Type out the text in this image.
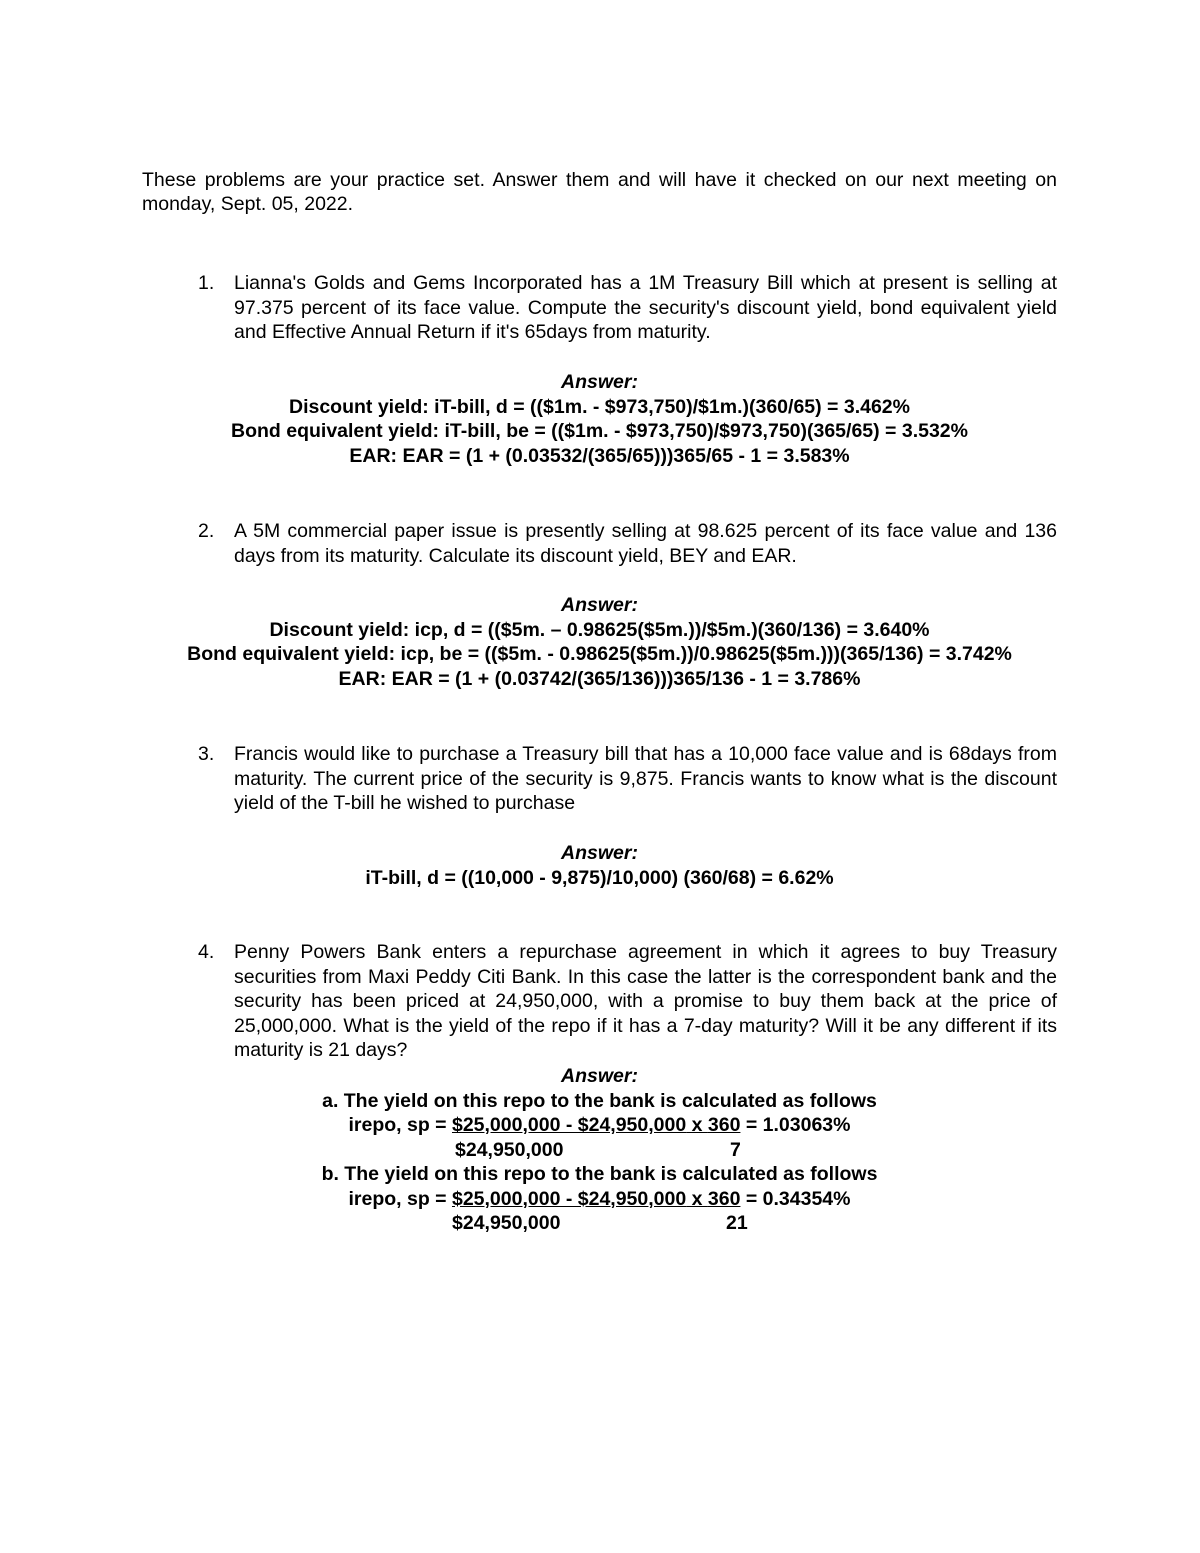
These problems are your practice set. Answer them and will have it checked on our next meeting on monday, Sept. 05, 2022.
1. Lianna's Golds and Gems Incorporated has a 1M Treasury Bill which at present is selling at 97.375 percent of its face value. Compute the security's discount yield, bond equivalent yield and Effective Annual Return if it's 65days from maturity.
Answer:
Discount yield: iT-bill, d = (($1m. - $973,750)/$1m.)(360/65) = 3.462%
Bond equivalent yield: iT-bill, be = (($1m. - $973,750)/$973,750)(365/65) = 3.532%
EAR: EAR = (1 + (0.03532/(365/65)))365/65 - 1 = 3.583%
2. A 5M commercial paper issue is presently selling at 98.625 percent of its face value and 136 days from its maturity. Calculate its discount yield, BEY and EAR.
Answer:
Discount yield: icp, d = (($5m. – 0.98625($5m.))/$5m.)(360/136) = 3.640%
Bond equivalent yield: icp, be = (($5m. - 0.98625($5m.))/0.98625($5m.)))(365/136) = 3.742%
EAR: EAR = (1 + (0.03742/(365/136)))365/136 - 1 = 3.786%
3. Francis would like to purchase a Treasury bill that has a 10,000 face value and is 68days from maturity. The current price of the security is 9,875. Francis wants to know what is the discount yield of the T-bill he wished to purchase
Answer:
iT-bill, d = ((10,000 - 9,875)/10,000) (360/68) = 6.62%
4. Penny Powers Bank enters a repurchase agreement in which it agrees to buy Treasury securities from Maxi Peddy Citi Bank. In this case the latter is the correspondent bank and the security has been priced at 24,950,000, with a promise to buy them back at the price of 25,000,000. What is the yield of the repo if it has a 7-day maturity? Will it be any different if its maturity is 21 days?
Answer:
a. The yield on this repo to the bank is calculated as follows
irepo, sp = $25,000,000 - $24,950,000 x 360 = 1.03063%
$24,950,000	7
b. The yield on this repo to the bank is calculated as follows
irepo, sp = $25,000,000 - $24,950,000 x 360 = 0.34354%
$24,950,000	21
